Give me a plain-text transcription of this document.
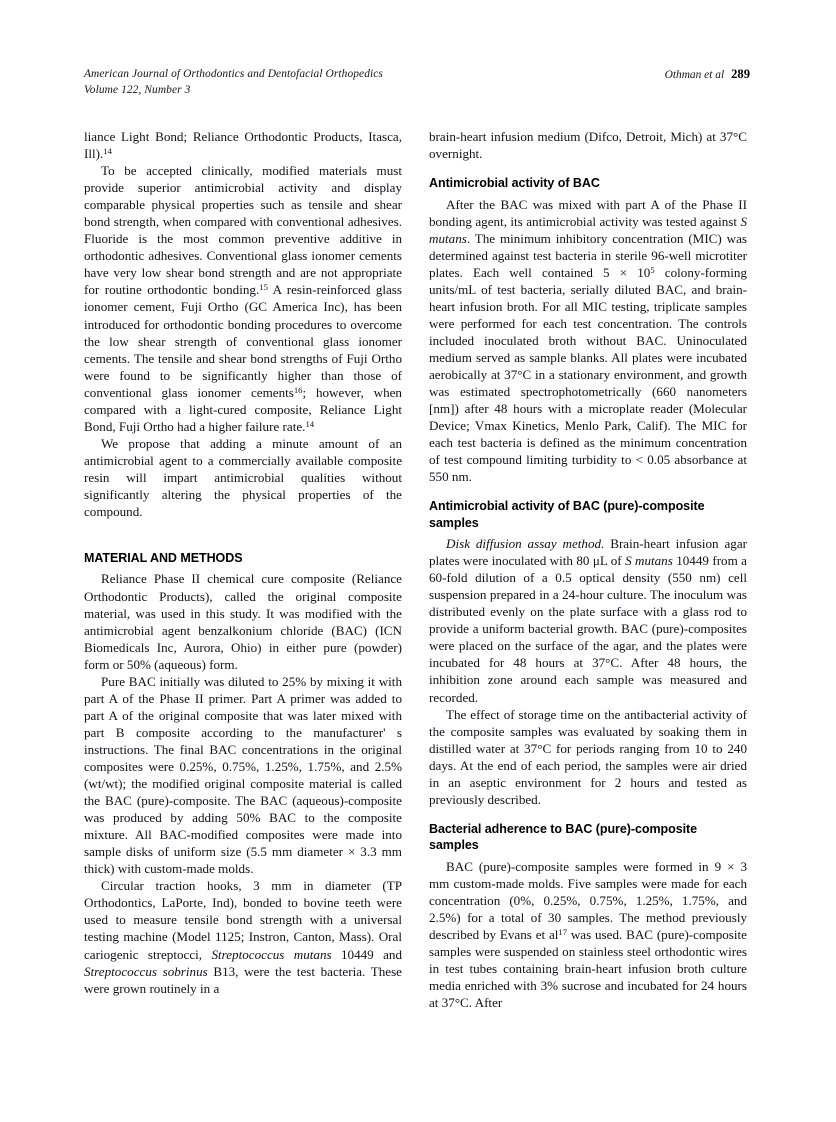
American Journal of Orthodontics and Dentofacial Orthopedics
Volume 122, Number 3
Othman et al 289

liance Light Bond; Reliance Orthodontic Products, Itasca, Ill).$^{14}$

To be accepted clinically, modified materials must provide superior antimicrobial activity and display comparable physical properties such as tensile and shear bond strength, when compared with conventional adhesives. Fluoride is the most common preventive additive in orthodontic adhesives. Conventional glass ionomer cements have very low shear bond strength and are not appropriate for routine orthodontic bonding.$^{15}$ A resin-reinforced glass ionomer cement, Fuji Ortho (GC America Inc), has been introduced for orthodontic bonding procedures to overcome the low shear strength of conventional glass ionomer cements. The tensile and shear bond strengths of Fuji Ortho were found to be significantly higher than those of conventional glass ionomer cements$^{16}$; however, when compared with a light-cured composite, Reliance Light Bond, Fuji Ortho had a higher failure rate.$^{14}$

We propose that adding a minute amount of an antimicrobial agent to a commercially available composite resin will impart antimicrobial qualities without significantly altering the physical properties of the compound.

MATERIAL AND METHODS

Reliance Phase II chemical cure composite (Reliance Orthodontic Products), called the original composite material, was used in this study. It was modified with the antimicrobial agent benzalkonium chloride (BAC) (ICN Biomedicals Inc, Aurora, Ohio) in either pure (powder) form or 50% (aqueous) form.

Pure BAC initially was diluted to 25% by mixing it with part A of the Phase II primer. Part A primer was added to part A of the original composite that was later mixed with part B composite according to the manufacturer' s instructions. The final BAC concentrations in the original composites were 0.25%, 0.75%, 1.25%, 1.75%, and 2.5% (wt/wt); the modified original composite material is called the BAC (pure)-composite. The BAC (aqueous)-composite was produced by adding 50% BAC to the composite mixture. All BAC-modified composites were made into sample disks of uniform size (5.5 mm diameter × 3.3 mm thick) with custom-made molds.

Circular traction hooks, 3 mm in diameter (TP Orthodontics, LaPorte, Ind), bonded to bovine teeth were used to measure tensile bond strength with a universal testing machine (Model 1125; Instron, Canton, Mass). Oral cariogenic streptocci, Streptococcus mutans 10449 and Streptococcus sobrinus B13, were the test bacteria. These were grown routinely in a

brain-heart infusion medium (Difco, Detroit, Mich) at 37°C overnight.

Antimicrobial activity of BAC

After the BAC was mixed with part A of the Phase II bonding agent, its antimicrobial activity was tested against S mutans. The minimum inhibitory concentration (MIC) was determined against test bacteria in sterile 96-well microtiter plates. Each well contained $5 \times 10^5$ colony-forming units/mL of test bacteria, serially diluted BAC, and brain-heart infusion broth. For all MIC testing, triplicate samples were performed for each test concentration. The controls included inoculated broth without BAC. Uninoculated medium served as sample blanks. All plates were incubated aerobically at 37°C in a stationary environment, and growth was estimated spectrophotometrically (660 nanometers [nm]) after 48 hours with a microplate reader (Molecular Device; Vmax Kinetics, Menlo Park, Calif). The MIC for each test bacteria is defined as the minimum concentration of test compound limiting turbidity to < 0.05 absorbance at 550 nm.

Antimicrobial activity of BAC (pure)-composite
samples

Disk diffusion assay method. Brain-heart infusion agar plates were inoculated with 80 μL of S mutans 10449 from a 60-fold dilution of a 0.5 optical density (550 nm) cell suspension prepared in a 24-hour culture. The inoculum was distributed evenly on the plate surface with a glass rod to provide a uniform bacterial growth. BAC (pure)-composites were placed on the surface of the agar, and the plates were incubated for 48 hours at 37°C. After 48 hours, the inhibition zone around each sample was measured and recorded.

The effect of storage time on the antibacterial activity of the composite samples was evaluated by soaking them in distilled water at 37°C for periods ranging from 10 to 240 days. At the end of each period, the samples were air dried in an aseptic environment for 2 hours and tested as previously described.

Bacterial adherence to BAC (pure)-composite
samples

BAC (pure)-composite samples were formed in 9 × 3 mm custom-made molds. Five samples were made for each concentration (0%, 0.25%, 0.75%, 1.25%, 1.75%, and 2.5%) for a total of 30 samples. The method previously described by Evans et $al^{17}$ was used. BAC (pure)-composite samples were suspended on stainless steel orthodontic wires in test tubes containing brain-heart infusion broth culture media enriched with 3% sucrose and incubated for 24 hours at 37°C. After
